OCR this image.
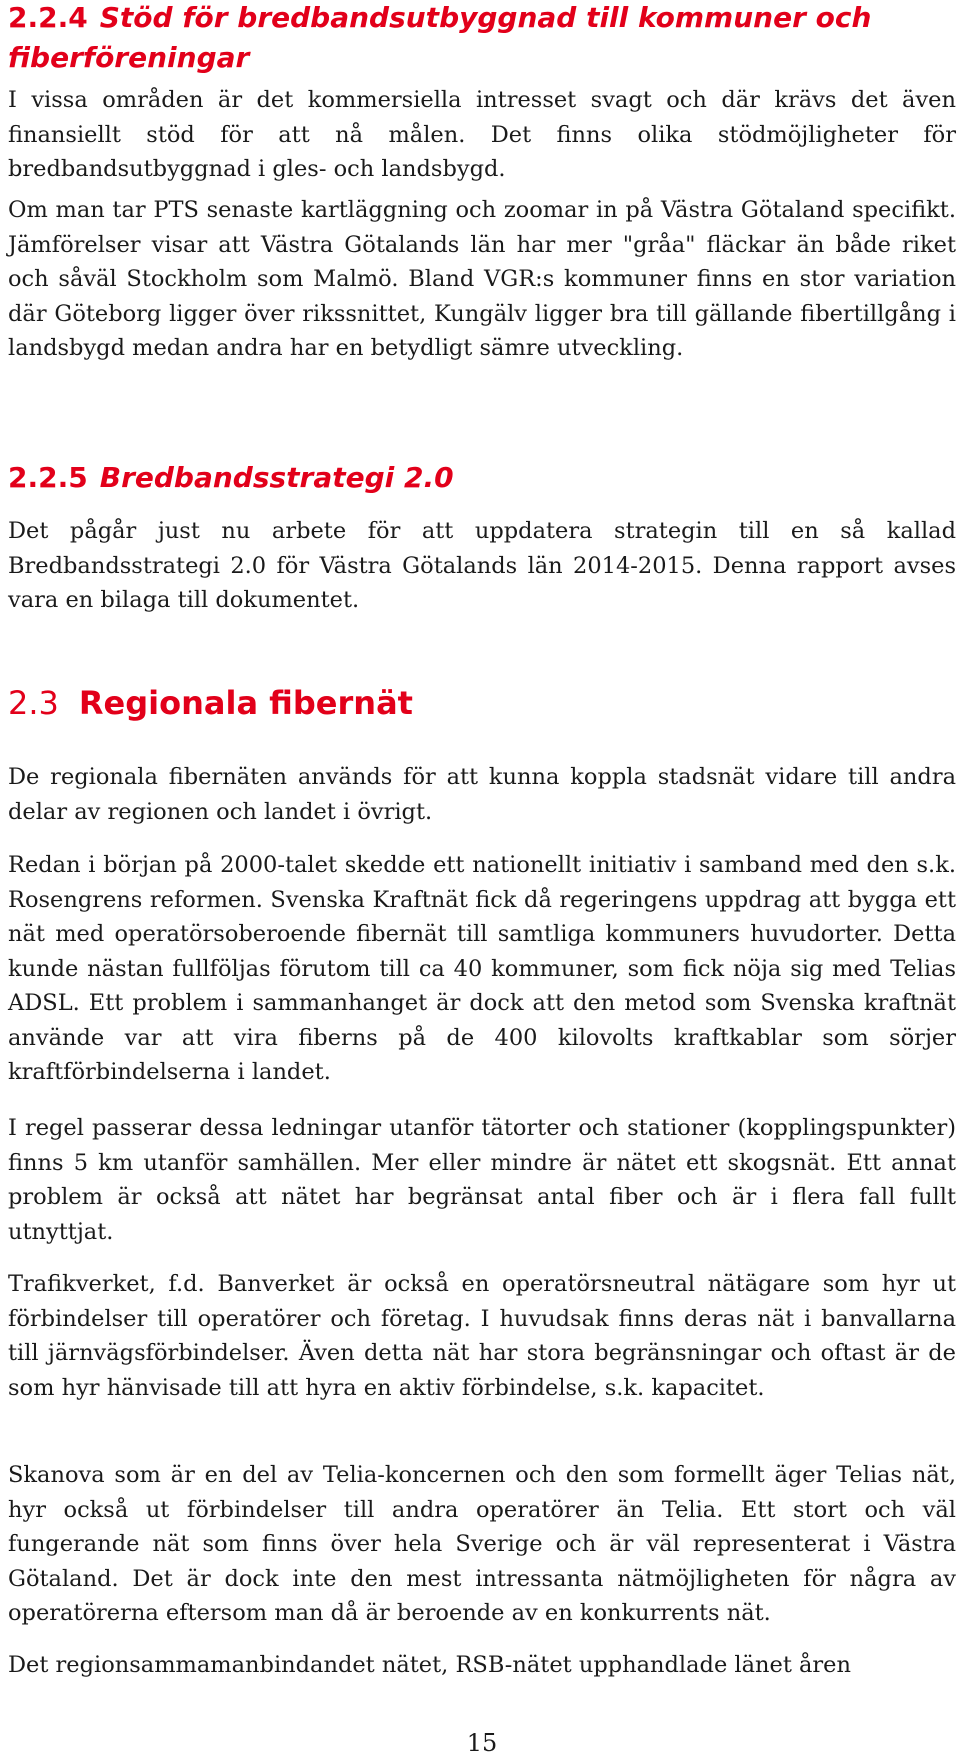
2.2.4 Stöd för bredbandsutbyggnad till kommuner och fiberföreningar

I vissa områden är det kommersiella intresset svagt och där krävs det även finansiellt stöd för att nå målen. Det finns olika stödmöjligheter för bredbandsutbyggnad i gles- och landsbygd.

Om man tar PTS senaste kartläggning och zoomar in på Västra Götaland specifikt. Jämförelser visar att Västra Götalands län har mer "gråa" fläckar än både riket och såväl Stockholm som Malmö. Bland VGR:s kommuner finns en stor variation där Göteborg ligger över rikssnittet, Kungälv ligger bra till gällande fibertillgång i landsbygd medan andra har en betydligt sämre utveckling.

2.2.5 Bredbandsstrategi 2.0

Det pågår just nu arbete för att uppdatera strategin till en så kallad Bredbandsstrategi 2.0 för Västra Götalands län 2014-2015. Denna rapport avses vara en bilaga till dokumentet.

2.3 Regionala fibernät

De regionala fibernäten används för att kunna koppla stadsnät vidare till andra delar av regionen och landet i övrigt.

Redan i början på 2000-talet skedde ett nationellt initiativ i samband med den s.k. Rosengrens reformen. Svenska Kraftnät fick då regeringens uppdrag att bygga ett nät med operatörsoberoende fibernät till samtliga kommuners huvudorter. Detta kunde nästan fullföljas förutom till ca 40 kommuner, som fick nöja sig med Telias ADSL. Ett problem i sammanhanget är dock att den metod som Svenska kraftnät använde var att vira fiberns på de 400 kilovolts kraftkablar som sörjer kraftförbindelserna i landet.

I regel passerar dessa ledningar utanför tätorter och stationer (kopplingspunkter) finns 5 km utanför samhällen. Mer eller mindre är nätet ett skogsnät. Ett annat problem är också att nätet har begränsat antal fiber och är i flera fall fullt utnyttjat.

Trafikverket, f.d. Banverket är också en operatörsneutral nätägare som hyr ut förbindelser till operatörer och företag. I huvudsak finns deras nät i banvallarna till järnvägsförbindelser. Även detta nät har stora begränsningar och oftast är de som hyr hänvisade till att hyra en aktiv förbindelse, s.k. kapacitet.

Skanova som är en del av Telia-koncernen och den som formellt äger Telias nät, hyr också ut förbindelser till andra operatörer än Telia. Ett stort och väl fungerande nät som finns över hela Sverige och är väl representerat i Västra Götaland. Det är dock inte den mest intressanta nätmöjligheten för några av operatörerna eftersom man då är beroende av en konkurrents nät.

Det regionsammamanbindandet nätet, RSB-nätet upphandlade länet åren

15
